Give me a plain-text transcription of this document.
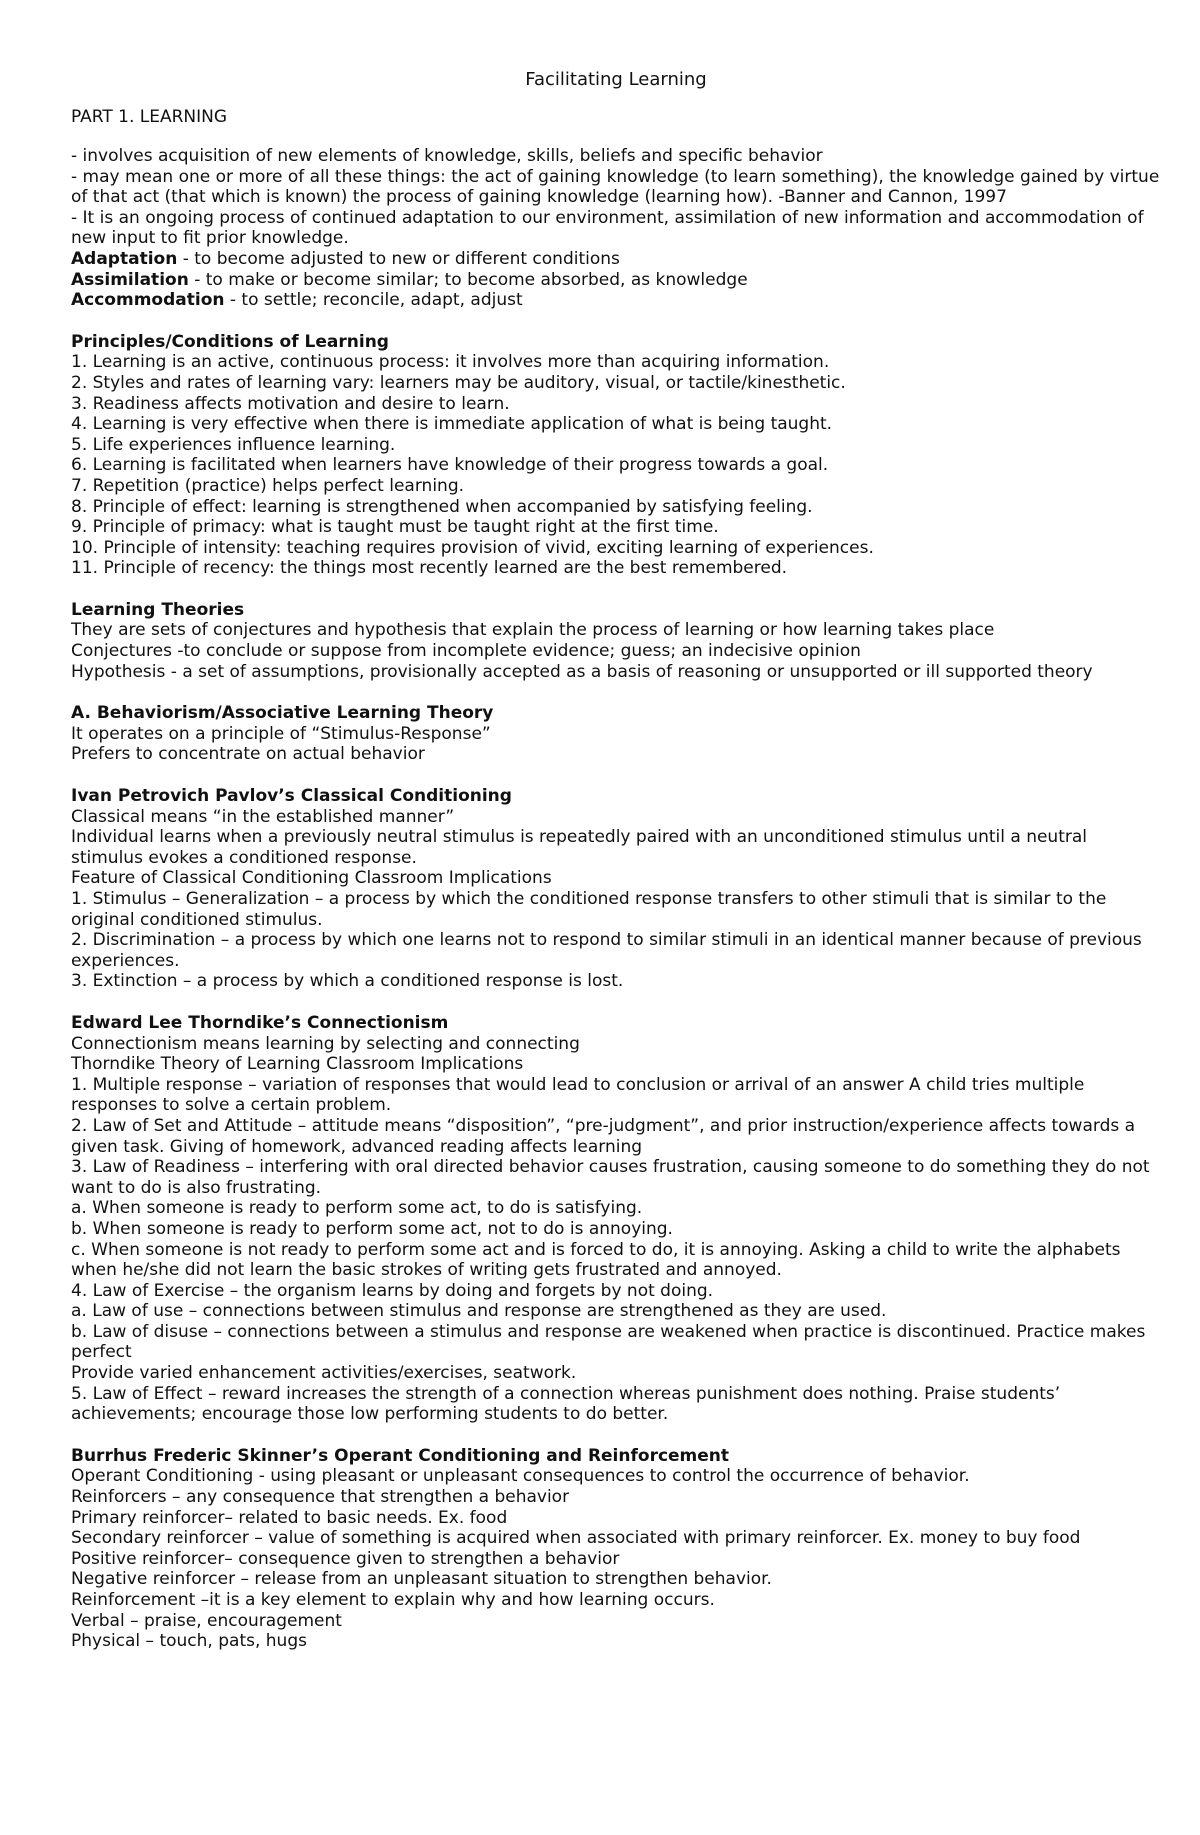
Facilitating Learning
PART 1. LEARNING

- involves acquisition of new elements of knowledge, skills, beliefs and specific behavior

- may mean one or more of all these things: the act of gaining knowledge (to learn something), the knowledge gained by virtue of that act (that which is known) the process of gaining knowledge (learning how). -Banner and Cannon, 1997

- It is an ongoing process of continued adaptation to our environment, assimilation of new information and accommodation of new input to fit prior knowledge.

Adaptation - to become adjusted to new or different conditions

Assimilation - to make or become similar; to become absorbed, as knowledge

Accommodation - to settle; reconcile, adapt, adjust

Principles/Conditions of Learning

1. Learning is an active, continuous process: it involves more than acquiring information.

2. Styles and rates of learning vary: learners may be auditory, visual, or tactile/kinesthetic.

3. Readiness affects motivation and desire to learn.

4. Learning is very effective when there is immediate application of what is being taught.

5. Life experiences influence learning.

6. Learning is facilitated when learners have knowledge of their progress towards a goal.

7. Repetition (practice) helps perfect learning.

8. Principle of effect: learning is strengthened when accompanied by satisfying feeling.

9. Principle of primacy: what is taught must be taught right at the first time.

10. Principle of intensity: teaching requires provision of vivid, exciting learning of experiences.

11. Principle of recency: the things most recently learned are the best remembered.

Learning Theories

They are sets of conjectures and hypothesis that explain the process of learning or how learning takes place

Conjectures -to conclude or suppose from incomplete evidence; guess; an indecisive opinion

Hypothesis - a set of assumptions, provisionally accepted as a basis of reasoning or unsupported or ill supported theory

A. Behaviorism/Associative Learning Theory

It operates on a principle of “Stimulus-Response”

Prefers to concentrate on actual behavior

Ivan Petrovich Pavlov’s Classical Conditioning

Classical means “in the established manner”

Individual learns when a previously neutral stimulus is repeatedly paired with an unconditioned stimulus until a neutral stimulus evokes a conditioned response.

Feature of Classical Conditioning Classroom Implications

1. Stimulus – Generalization – a process by which the conditioned response transfers to other stimuli that is similar to the original conditioned stimulus.

2. Discrimination – a process by which one learns not to respond to similar stimuli in an identical manner because of previous experiences.

3. Extinction – a process by which a conditioned response is lost.

Edward Lee Thorndike’s Connectionism

Connectionism means learning by selecting and connecting

Thorndike Theory of Learning Classroom Implications

1. Multiple response – variation of responses that would lead to conclusion or arrival of an answer A child tries multiple responses to solve a certain problem.

2. Law of Set and Attitude – attitude means “disposition”, “pre-judgment”, and prior instruction/experience affects towards a given task. Giving of homework, advanced reading affects learning

3. Law of Readiness – interfering with oral directed behavior causes frustration, causing someone to do something they do not want to do is also frustrating.

a. When someone is ready to perform some act, to do is satisfying.

b. When someone is ready to perform some act, not to do is annoying.

c. When someone is not ready to perform some act and is forced to do, it is annoying. Asking a child to write the alphabets when he/she did not learn the basic strokes of writing gets frustrated and annoyed.

4. Law of Exercise – the organism learns by doing and forgets by not doing.

a. Law of use – connections between stimulus and response are strengthened as they are used.

b. Law of disuse – connections between a stimulus and response are weakened when practice is discontinued. Practice makes perfect

Provide varied enhancement activities/exercises, seatwork.

5. Law of Effect – reward increases the strength of a connection whereas punishment does nothing. Praise students’ achievements; encourage those low performing students to do better.

Burrhus Frederic Skinner’s Operant Conditioning and Reinforcement

Operant Conditioning - using pleasant or unpleasant consequences to control the occurrence of behavior.

Reinforcers – any consequence that strengthen a behavior

Primary reinforcer– related to basic needs. Ex. food

Secondary reinforcer – value of something is acquired when associated with primary reinforcer. Ex. money to buy food

Positive reinforcer– consequence given to strengthen a behavior

Negative reinforcer – release from an unpleasant situation to strengthen behavior.

Reinforcement –it is a key element to explain why and how learning occurs.

Verbal – praise, encouragement

Physical – touch, pats, hugs
